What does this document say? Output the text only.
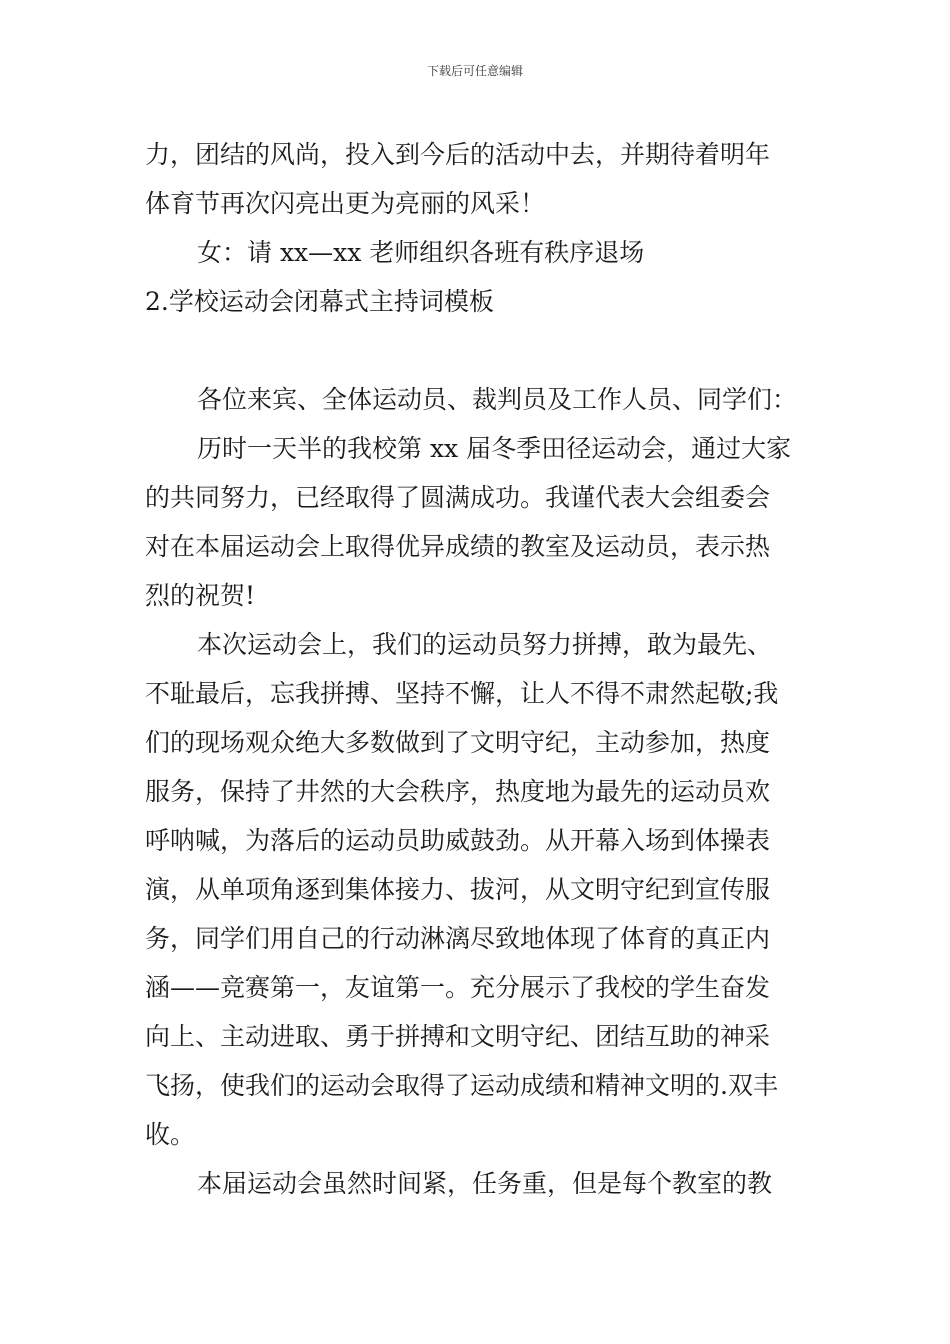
下载后可任意编辑
力，团结的风尚，投入到今后的活动中去，并期待着明年
体育节再次闪亮出更为亮丽的风采！
女：请 xx—xx 老师组织各班有秩序退场
2.学校运动会闭幕式主持词模板
各位来宾、全体运动员、裁判员及工作人员、同学们：
历时一天半的我校第 xx 届冬季田径运动会，通过大家
的共同努力，已经取得了圆满成功。我谨代表大会组委会
对在本届运动会上取得优异成绩的教室及运动员，表示热
烈的祝贺!
本次运动会上，我们的运动员努力拼搏，敢为最先、
不耻最后，忘我拼搏、坚持不懈，让人不得不肃然起敬;我
们的现场观众绝大多数做到了文明守纪，主动参加，热度
服务，保持了井然的大会秩序，热度地为最先的运动员欢
呼呐喊，为落后的运动员助威鼓劲。从开幕入场到体操表
演，从单项角逐到集体接力、拔河，从文明守纪到宣传服
务，同学们用自己的行动淋漓尽致地体现了体育的真正内
涵——竞赛第一，友谊第一。充分展示了我校的学生奋发
向上、主动进取、勇于拼搏和文明守纪、团结互助的神采
飞扬，使我们的运动会取得了运动成绩和精神文明的.双丰
收。
本届运动会虽然时间紧，任务重，但是每个教室的教
